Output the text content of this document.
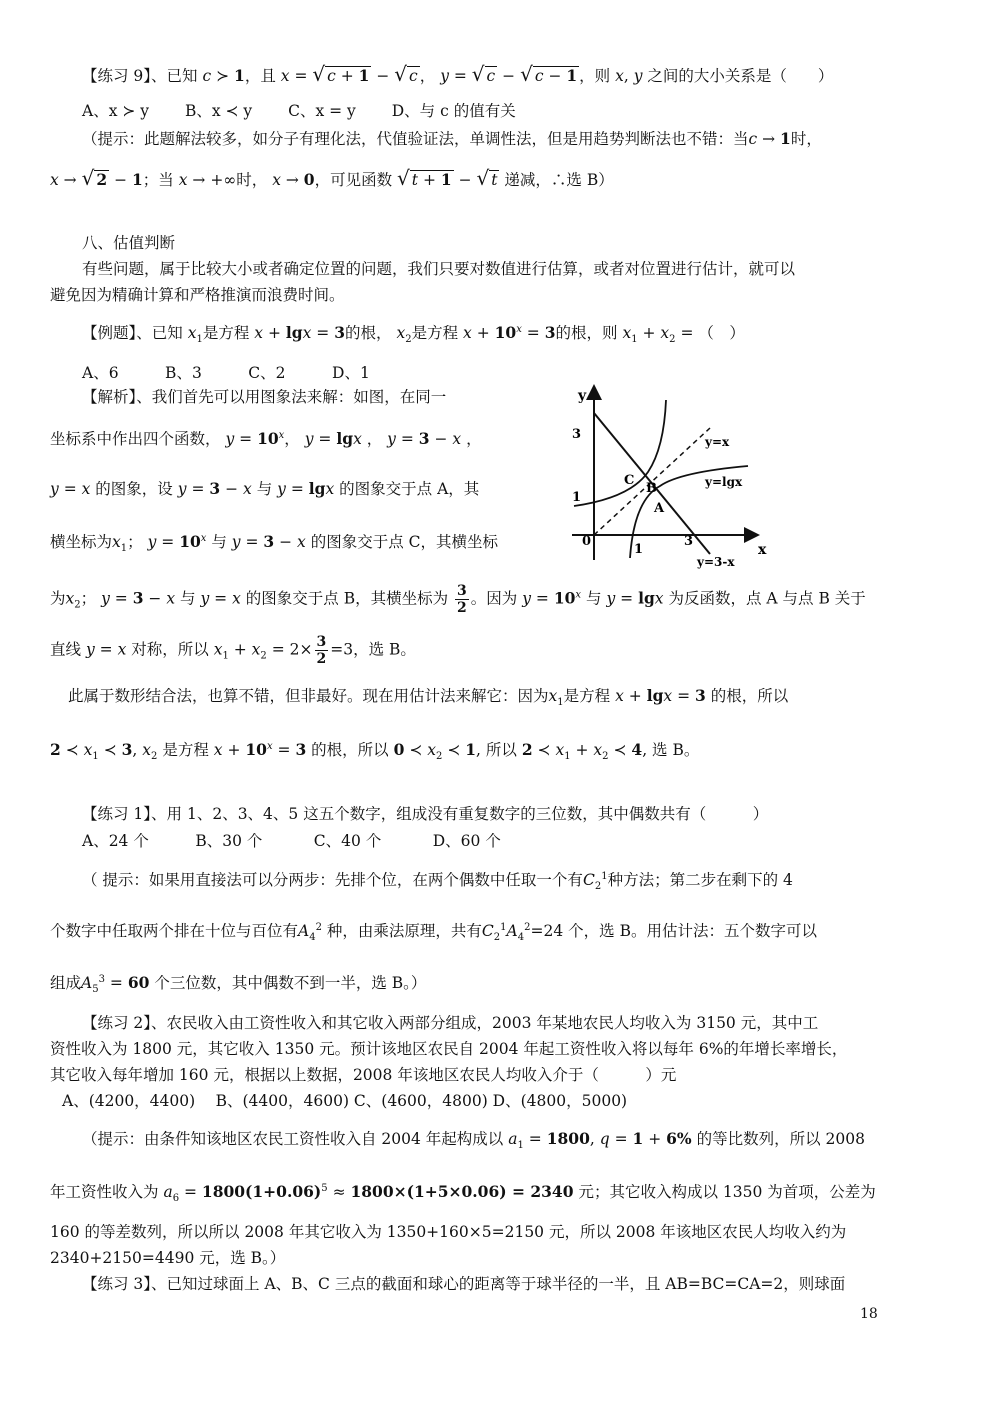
【练习 9】、已知 c ≻ 1，且 x = √ c + 1 − √ c ， y = √ c − √ c − 1 ，则 x, y 之间的大小关系是（　　）
A、x ≻ y　　 B、x ≺ y　　 C、x = y　　 D、与 c 的值有关
（提示：此题解法较多，如分子有理化法，代值验证法，单调性法，但是用趋势判断法也不错：当c → 1时，
x → √ 2 − 1；当 x → +∞时， x → 0，可见函数 √ t + 1 − √ t 递减，∴选 B）
八、估值判断
有些问题，属于比较大小或者确定位置的问题，我们只要对数值进行估算，或者对位置进行估计，就可以
避免因为精确计算和严格推演而浪费时间。
【例题】、已知 $x_1$是方程 x + lgx = 3的根， $x_2$是方程 $x + 10^x = 3$的根，则 $x_1 + x_2$ = （　）
A、6　　　B、3　　　C、2　　　D、1
【解析】、我们首先可以用图象法来解：如图，在同一
坐标系中作出四个函数， $y = 10^x$， y = lgx ， y = 3 − x ，
y = x 的图象，设 y = 3 − x 与 y = lgx 的图象交于点 A，其
横坐标为$x_1$； $y = 10^x$ 与 y = 3 − x 的图象交于点 C，其横坐标
为$x_2$； y = 3 − x 与 y = x 的图象交于点 B，其横坐标为 $\frac{3}{2}$ 。因为 $y = 10^x$ 与 y = lgx 为反函数，点 A 与点 B 关于
直线 y = x 对称，所以 $x_1 + x_2 = 2\times \frac{3}{2} =3$，选 B。
此属于数形结合法，也算不错，但非最好。现在用估计法来解它：因为$x_1$是方程 x + lgx = 3 的根，所以
2 ≺ $x_1$ ≺ 3, $x_2$ 是方程 $x + 10^x = 3$ 的根，所以 0 ≺ $x_2$ ≺ 1, 所以 2 ≺ $x_1 + x_2$ ≺ 4, 选 B。
y
x
0
1
3
1
3
C
B
A
y=x
y=lgx
y=3-x
【练习 1】、用 1、2、3、4、5 这五个数字，组成没有重复数字的三位数，其中偶数共有（　　　）
A、24 个　　　B、30 个　　　 C、40 个　　　 D、60 个
（ 提示：如果用直接法可以分两步：先排个位，在两个偶数中任取一个有$C_2^1$种方法；第二步在剩下的 4
个数字中任取两个排在十位与百位有$A_4^2$ 种，由乘法原理，共有$C_2^1A_4^2=24$ 个，选 B。用估计法：五个数字可以
组成$A_5^3 = 60$ 个三位数，其中偶数不到一半，选 B。）
【练习 2】、农民收入由工资性收入和其它收入两部分组成，2003 年某地农民人均收入为 3150 元，其中工
资性收入为 1800 元，其它收入 1350 元。预计该地区农民自 2004 年起工资性收入将以每年 6%的年增长率增长，
其它收入每年增加 160 元，根据以上数据，2008 年该地区农民人均收入介于（　　　）元
A、(4200，4400)　 B、(4400，4600) C、(4600，4800) D、(4800，5000)
（提示：由条件知该地区农民工资性收入自 2004 年起构成以 $a_1 = 1800$, q = 1 + 6% 的等比数列，所以 2008
年工资性收入为 $a_6 = 1800(1+0.06)^5 \approx 1800\times(1+5\times 0.06) = 2340$ 元；其它收入构成以 1350 为首项，公差为
160 的等差数列，所以所以 2008 年其它收入为 1350+160×5=2150 元，所以 2008 年该地区农民人均收入约为
2340+2150=4490 元，选 B。）
【练习 3】、已知过球面上 A、B、C 三点的截面和球心的距离等于球半径的一半，且 AB=BC=CA=2，则球面
18
